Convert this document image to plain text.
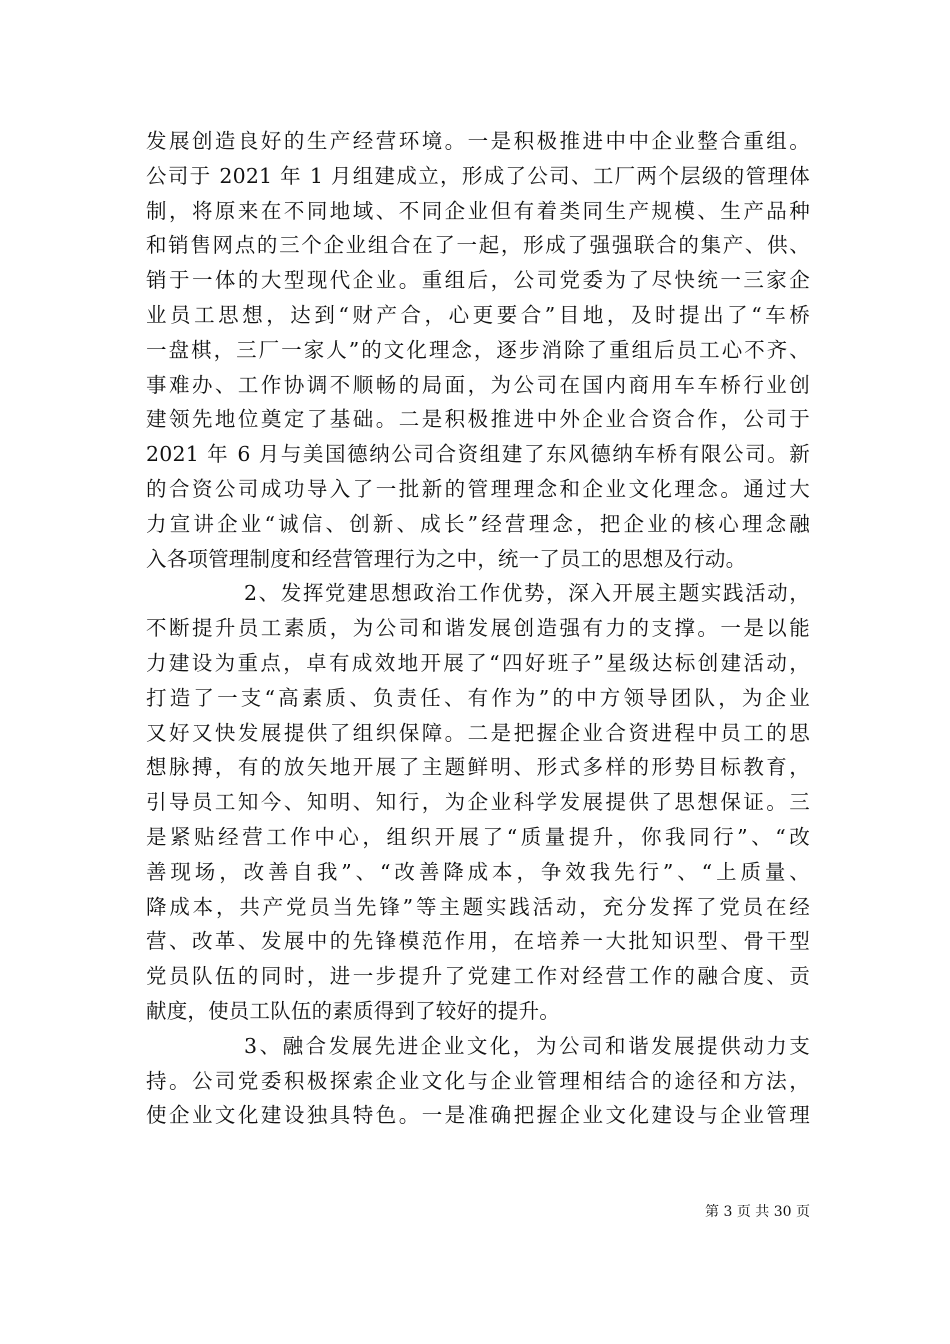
发展创造良好的生产经营环境。一是积极推进中中企业整合重组。
公司于 2021 年 1 月组建成立，形成了公司、工厂两个层级的管理体
制，将原来在不同地域、不同企业但有着类同生产规模、生产品种
和销售网点的三个企业组合在了一起，形成了强强联合的集产、供、
销于一体的大型现代企业。重组后，公司党委为了尽快统一三家企
业员工思想，达到“财产合，心更要合”目地，及时提出了“车桥
一盘棋，三厂一家人”的文化理念，逐步消除了重组后员工心不齐、
事难办、工作协调不顺畅的局面，为公司在国内商用车车桥行业创
建领先地位奠定了基础。二是积极推进中外企业合资合作，公司于
2021 年 6 月与美国德纳公司合资组建了东风德纳车桥有限公司。新
的合资公司成功导入了一批新的管理理念和企业文化理念。通过大
力宣讲企业“诚信、创新、成长”经营理念，把企业的核心理念融
入各项管理制度和经营管理行为之中，统一了员工的思想及行动。
2、发挥党建思想政治工作优势，深入开展主题实践活动，
不断提升员工素质，为公司和谐发展创造强有力的支撑。一是以能
力建设为重点，卓有成效地开展了“四好班子”星级达标创建活动，
打造了一支“高素质、负责任、有作为”的中方领导团队，为企业
又好又快发展提供了组织保障。二是把握企业合资进程中员工的思
想脉搏，有的放矢地开展了主题鲜明、形式多样的形势目标教育，
引导员工知今、知明、知行，为企业科学发展提供了思想保证。三
是紧贴经营工作中心，组织开展了“质量提升，你我同行”、“改
善现场，改善自我”、“改善降成本，争效我先行”、“上质量、
降成本，共产党员当先锋”等主题实践活动，充分发挥了党员在经
营、改革、发展中的先锋模范作用，在培养一大批知识型、骨干型
党员队伍的同时，进一步提升了党建工作对经营工作的融合度、贡
献度，使员工队伍的素质得到了较好的提升。
3、融合发展先进企业文化，为公司和谐发展提供动力支
持。公司党委积极探索企业文化与企业管理相结合的途径和方法，
使企业文化建设独具特色。一是准确把握企业文化建设与企业管理
第 3 页 共 30 页
